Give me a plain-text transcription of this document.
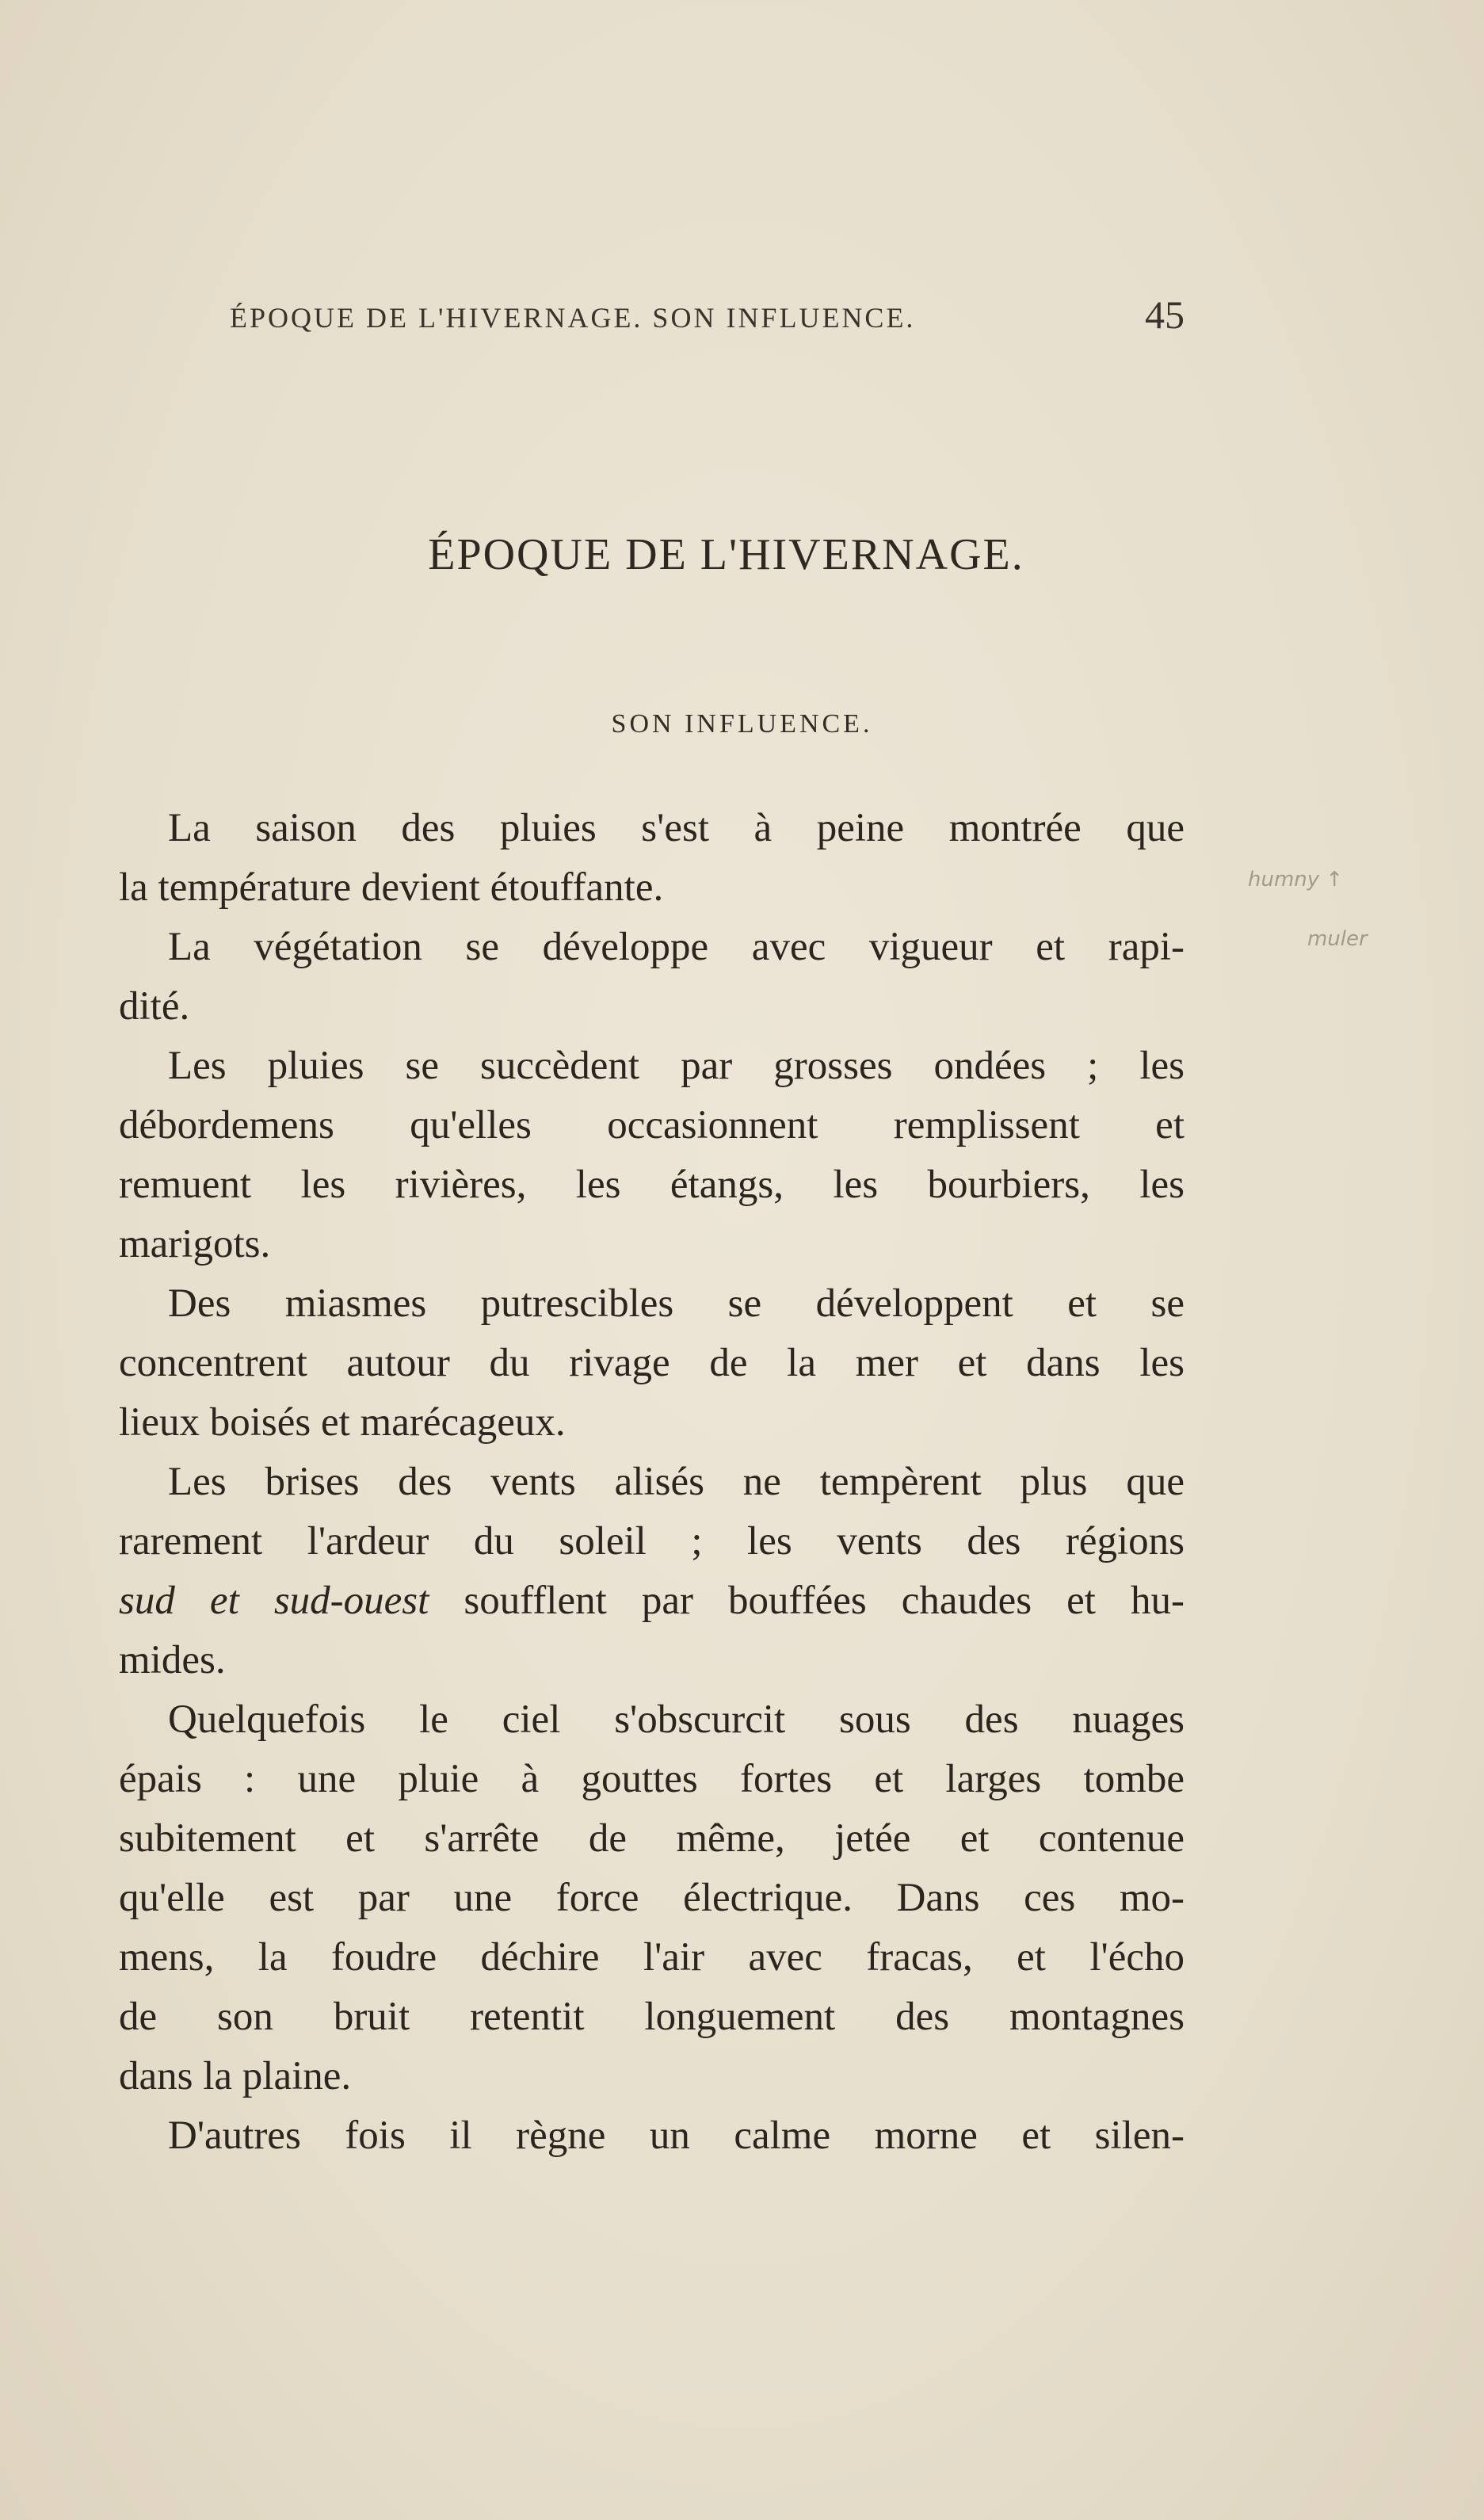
ÉPOQUE DE L'HIVERNAGE. SON INFLUENCE.	45
ÉPOQUE DE L'HIVERNAGE.
SON INFLUENCE.
La saison des pluies s'est à peine montrée que
la température devient étouffante.
La végétation se développe avec vigueur et rapi-
dité.
Les pluies se succèdent par grosses ondées ; les
débordemens qu'elles occasionnent remplissent et
remuent les rivières, les étangs, les bourbiers, les
marigots.
Des miasmes putrescibles se développent et se
concentrent autour du rivage de la mer et dans les
lieux boisés et marécageux.
Les brises des vents alisés ne tempèrent plus que
rarement l'ardeur du soleil ; les vents des régions
sud et sud-ouest soufflent par bouffées chaudes et hu-
mides.
Quelquefois le ciel s'obscurcit sous des nuages
épais : une pluie à gouttes fortes et larges tombe
subitement et s'arrête de même, jetée et contenue
qu'elle est par une force électrique. Dans ces mo-
mens, la foudre déchire l'air avec fracas, et l'écho
de son bruit retentit longuement des montagnes
dans la plaine.
D'autres fois il règne un calme morne et silen-
humny ↑
muler
